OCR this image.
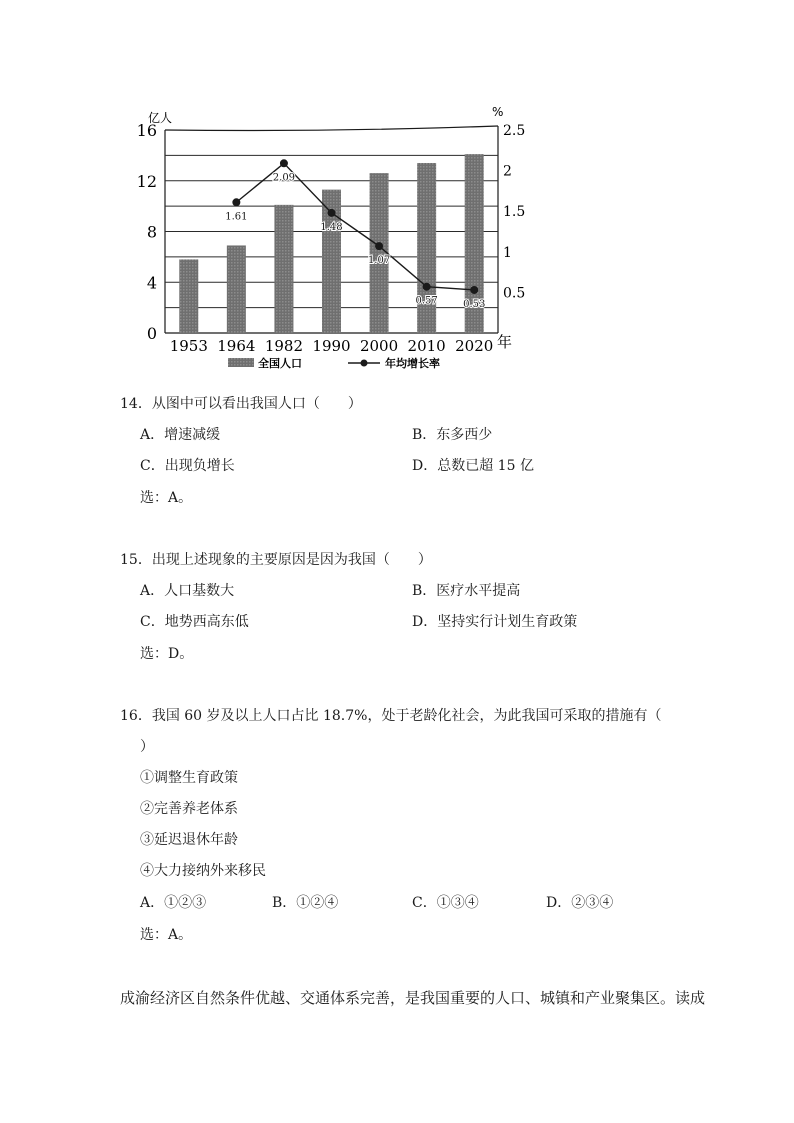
1.61
2.09
1.48
1.07
0.57	0.53
亿人	%
年
0
4
8
12
16
0.5
1
1.5
2
2.5
1953 1964 1982 1990 2000 2010 2020
全国人口	年均增长率
14．从图中可以看出我国人口（　　）
A．增速减缓	B．东多西少
C．出现负增长	D．总数已超 15 亿
选：A。
15．出现上述现象的主要原因是因为我国（　　）
A．人口基数大	B．医疗水平提高
C．地势西高东低	D．坚持实行计划生育政策
选：D。
16．我国 60 岁及以上人口占比 18.7%，处于老龄化社会，为此我国可采取的措施有（
）
①调整生育政策
②完善养老体系
③延迟退休年龄
④大力接纳外来移民
A．①②③	B．①②④	C．①③④	D．②③④
选：A。
成渝经济区自然条件优越、交通体系完善，是我国重要的人口、城镇和产业聚集区。读成
